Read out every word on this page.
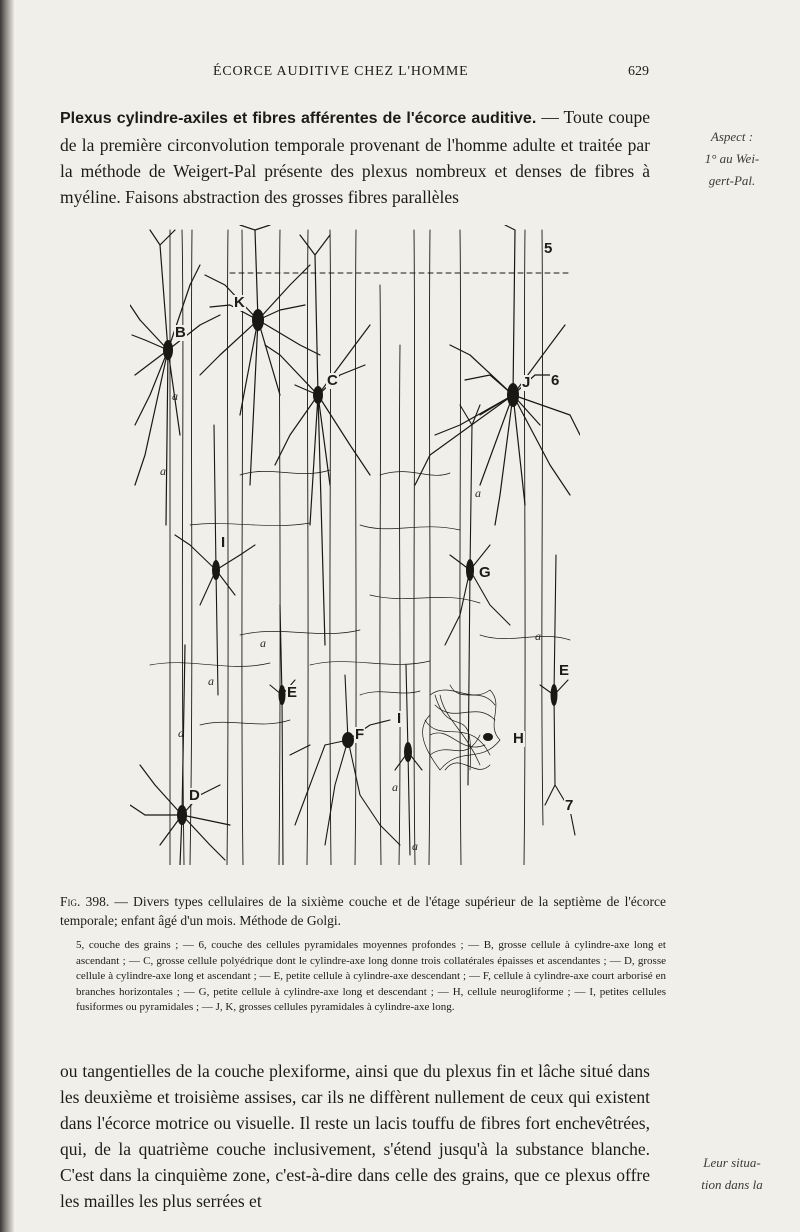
ÉCORCE AUDITIVE CHEZ L'HOMME	629

Plexus cylindre-axiles et fibres afférentes de l'écorce auditive. — Toute coupe de la première circonvolution temporale provenant de l'homme adulte et traitée par la méthode de Weigert-Pal présente des plexus nombreux et denses de fibres à myéline. Faisons abstraction des grosses fibres parallèles

Aspect :
1° au Wei-
gert-Pal.
K
B
C	J 6
5
I
G
E
E
F
I
H
D
7
a
a
a
a
a
a
a
a
a

Fig. 398. — Divers types cellulaires de la sixième couche et de l'étage supérieur de la septième de l'écorce temporale; enfant âgé d'un mois. Méthode de Golgi.

5, couche des grains ; — 6, couche des cellules pyramidales moyennes profondes ; — B, grosse cellule à cylindre-axe long et ascendant ; — C, grosse cellule polyédrique dont le cylindre-axe long donne trois collatérales épaisses et ascendantes ; — D, grosse cellule à cylindre-axe long et ascendant ; — E, petite cellule à cylindre-axe descendant ; — F, cellule à cylindre-axe court arborisé en branches horizontales ; — G, petite cellule à cylindre-axe long et descendant ; — H, cellule neurogliforme ; — I, petites cellules fusiformes ou pyramidales ; — J, K, grosses cellules pyramidales à cylindre-axe long.

ou tangentielles de la couche plexiforme, ainsi que du plexus fin et lâche situé dans les deuxième et troisième assises, car ils ne diffèrent nullement de ceux qui existent dans l'écorce motrice ou visuelle. Il reste un lacis touffu de fibres fort enchevêtrées, qui, de la quatrième couche inclusivement, s'étend jusqu'à la substance blanche. C'est dans la cinquième zone, c'est-à-dire dans celle des grains, que ce plexus offre les mailles les plus serrées et

Leur situa-
tion dans la
